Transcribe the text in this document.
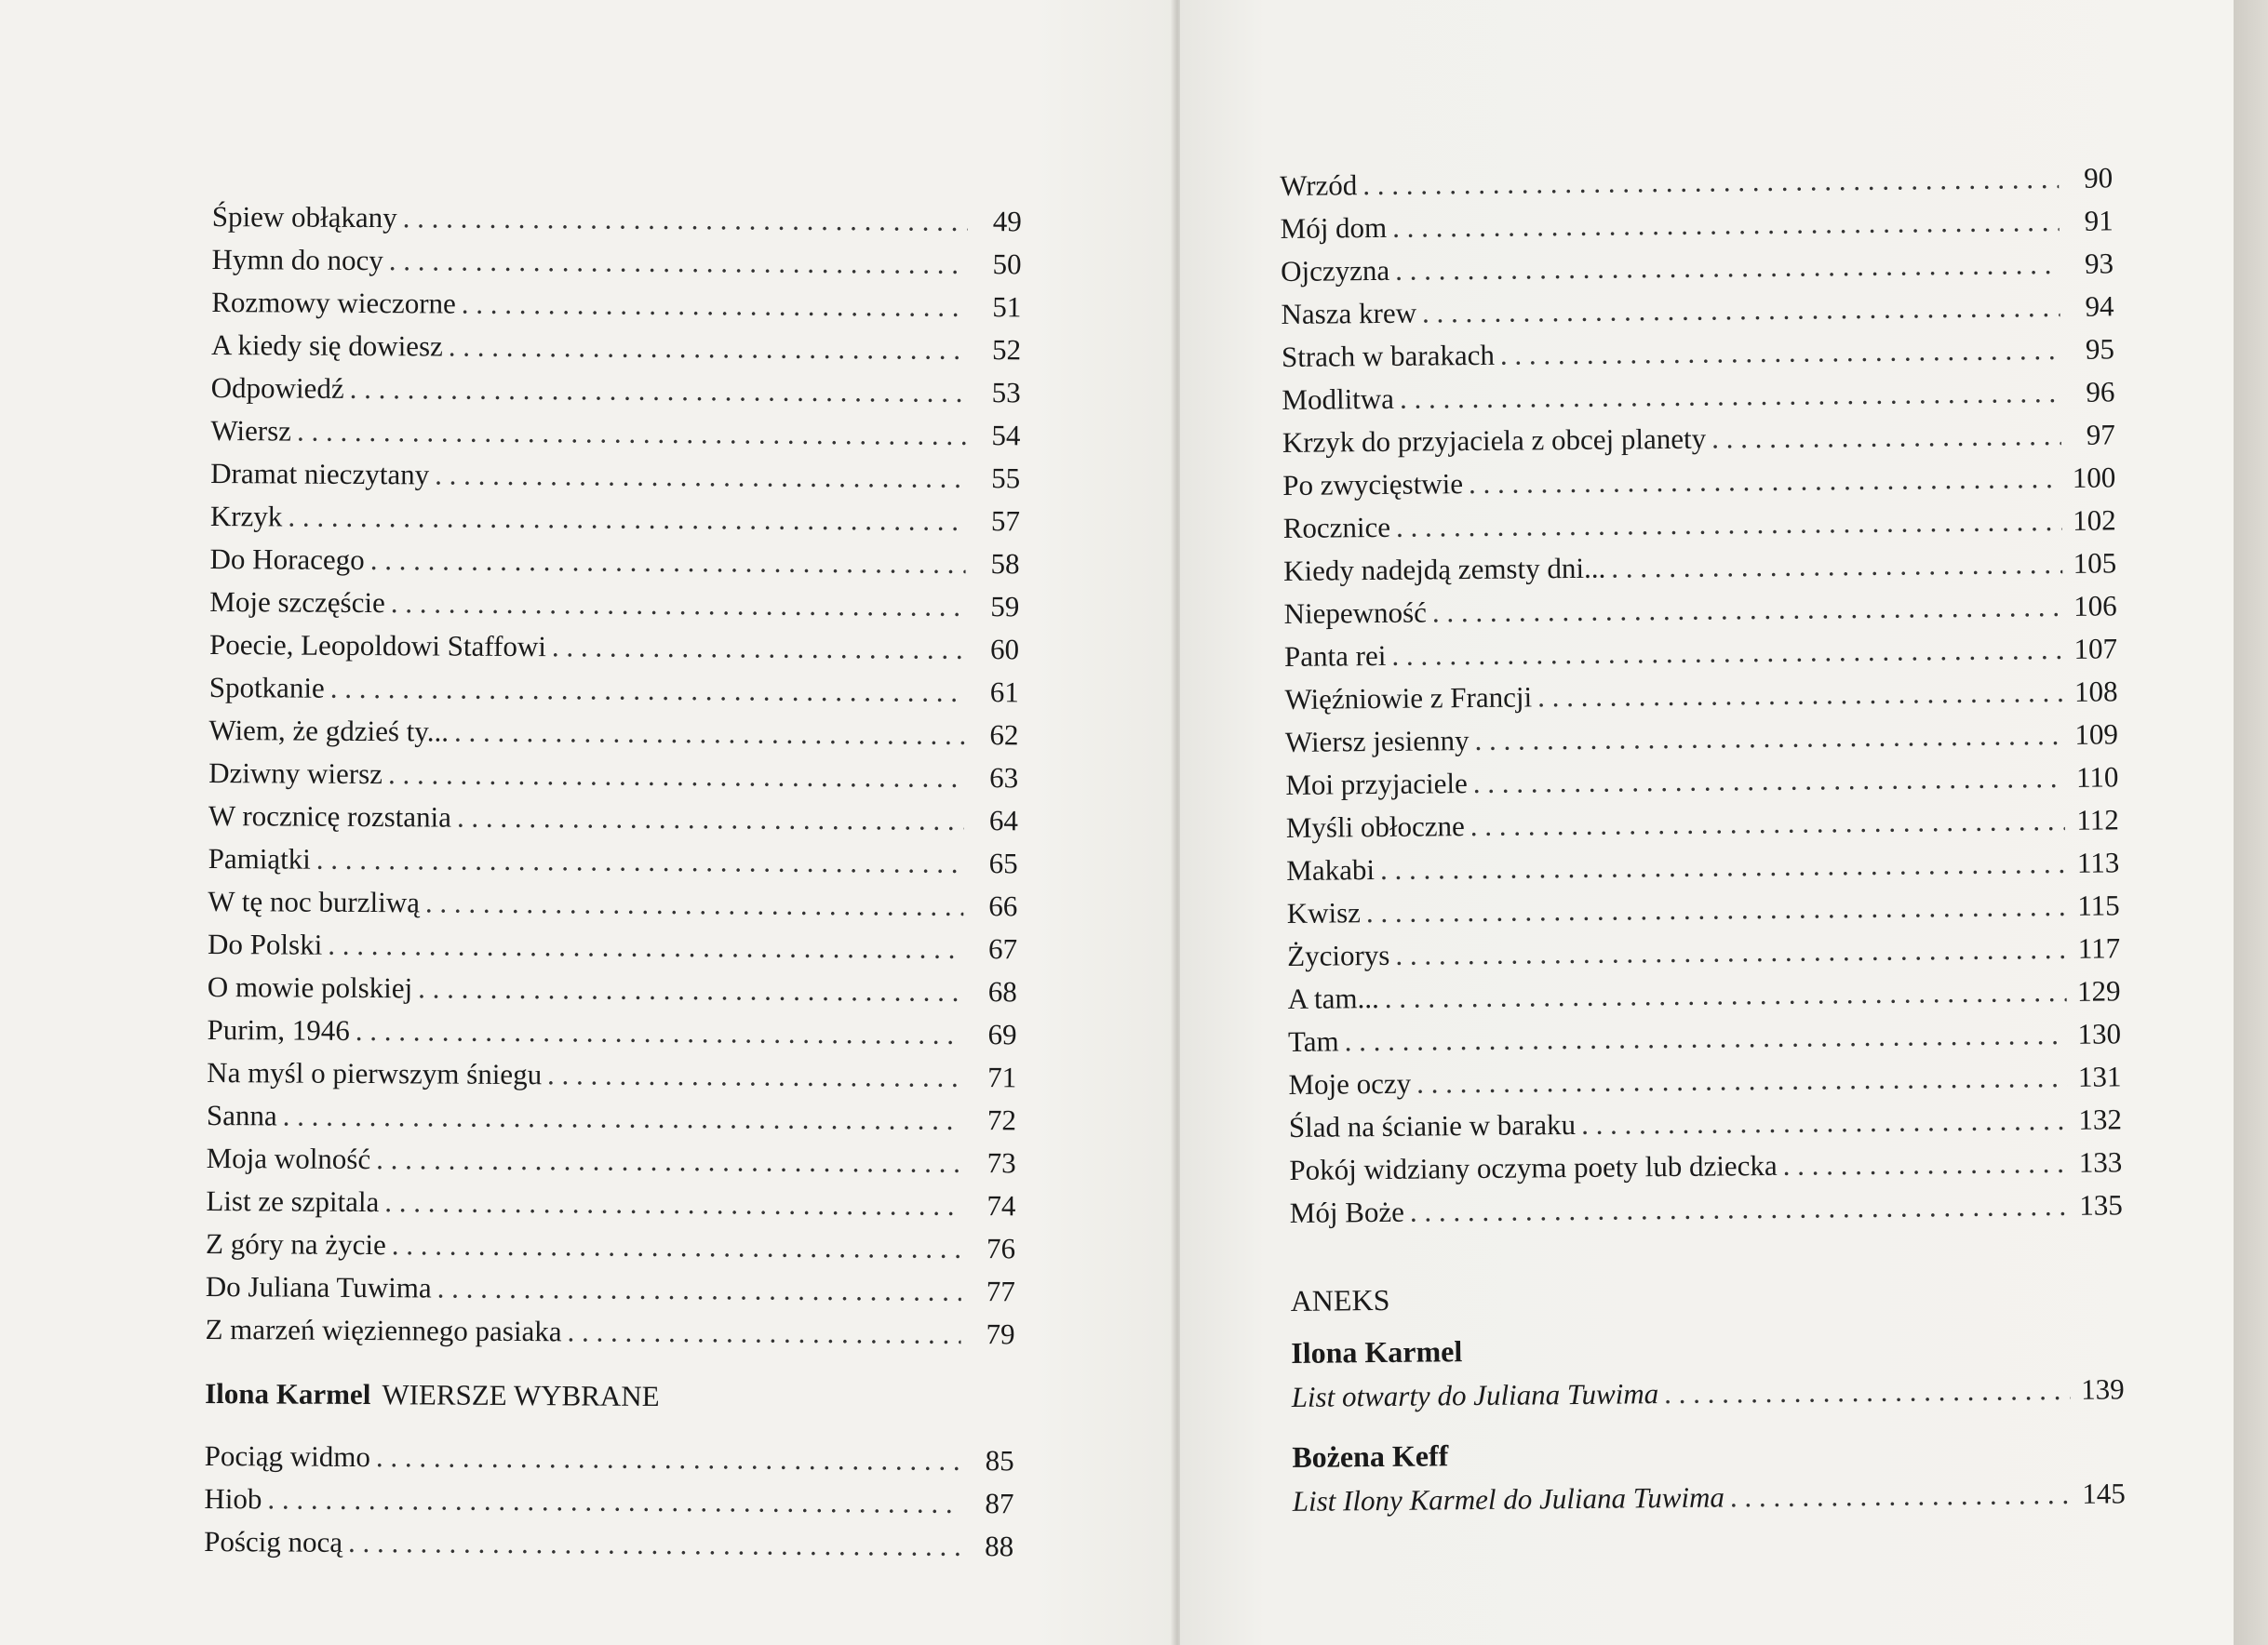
Śpiew obłąkany . . .	49
Hymn do nocy . . .	50
Rozmowy wieczorne . . .	51
A kiedy się dowiesz . . .	52
Odpowiedź . . .	53
Wiersz . . .	54
Dramat nieczytany . . .	55
Krzyk . . .	57
Do Horacego . . .	58
Moje szczęście . . .	59
Poecie, Leopoldowi Staffowi . . .	60
Spotkanie . . .	61
Wiem, że gdzieś ty... . . .	62
Dziwny wiersz . . .	63
W rocznicę rozstania . . .	64
Pamiątki . . .	65
W tę noc burzliwą . . .	66
Do Polski . . .	67
O mowie polskiej . . .	68
Purim, 1946 . . .	69
Na myśl o pierwszym śniegu . . .	71
Sanna . . .	72
Moja wolność . . .	73
List ze szpitala . . .	74
Z góry na życie . . .	76
Do Juliana Tuwima . . .	77
Z marzeń więziennego pasiaka . . .	79
Ilona Karmel WIERSZE WYBRANE
Pociąg widmo . . .	85
Hiob . . .	87
Pościg nocą . . .	88
Wrzód . . .	90
Mój dom . . .	91
Ojczyzna . . .	93
Nasza krew . . .	94
Strach w barakach . . .	95
Modlitwa . . .	96
Krzyk do przyjaciela z obcej planety . . .	97
Po zwycięstwie . . .	100
Rocznice . . .	102
Kiedy nadejdą zemsty dni... . . .	105
Niepewność . . .	106
Panta rei . . .	107
Więźniowie z Francji . . .	108
Wiersz jesienny . . .	109
Moi przyjaciele . . .	110
Myśli obłoczne . . .	112
Makabi . . .	113
Kwisz . . .	115
Życiorys . . .	117
A tam... . . .	129
Tam . . .	130
Moje oczy . . .	131
Ślad na ścianie w baraku . . .	132
Pokój widziany oczyma poety lub dziecka . . .	133
Mój Boże . . .	135
ANEKS
Ilona Karmel
List otwarty do Juliana Tuwima . . .	139
Bożena Keff
List Ilony Karmel do Juliana Tuwima . . .	145
